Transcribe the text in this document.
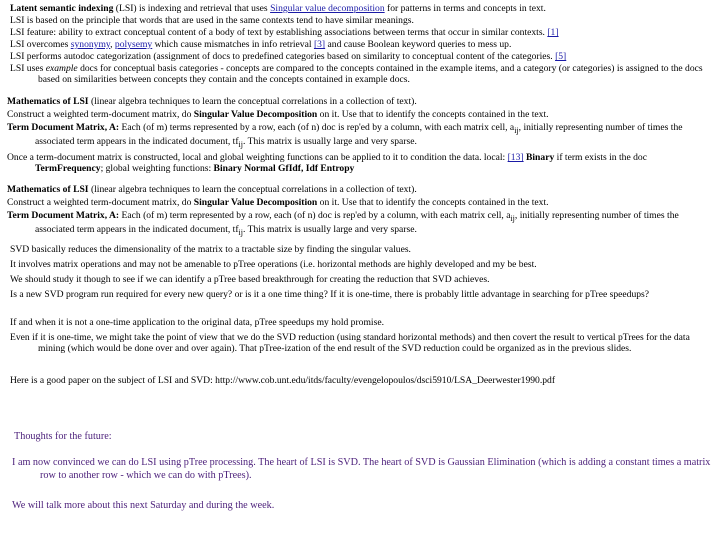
Latent semantic indexing (LSI) is indexing and retrieval that uses Singular value decomposition for patterns in terms and concepts in text.
LSI is based on the principle that words that are used in the same contexts tend to have similar meanings.
LSI feature: ability to extract conceptual content of a body of text by establishing associations between terms that occur in similar contexts. [1]
LSI overcomes synonymy, polysemy which cause mismatches in info retrieval [3] and cause Boolean keyword queries to mess up.
LSI performs autodoc categorization (assignment of docs to predefined categories based on similarity to conceptual content of the categories. [5]
LSI uses example docs for conceptual basis categories - concepts are compared to the concepts contained in the example items, and a category (or categories) is assigned to the docs based on similarities between concepts they contain and the concepts contained in example docs.
Mathematics of LSI (linear algebra techniques to learn the conceptual correlations in a collection of text).
Construct a weighted term-document matrix, do Singular Value Decomposition on it. Use that to identify the concepts contained in the text.
Term Document Matrix, A: Each (of m) terms represented by a row, each (of n) doc is rep'ed by a column, with each matrix cell, $a_{ij}$, initially representing number of times the associated term appears in the indicated document, $tf_{ij}$. This matrix is usually large and very sparse.
Once a term-document matrix is constructed, local and global weighting functions can be applied to it to condition the data. local: [13] Binary if term exists in the doc TermFrequency; global weighting functions: Binary Normal GfIdf, Idf Entropy
Mathematics of LSI (linear algebra techniques to learn the conceptual correlations in a collection of text).
Construct a weighted term-document matrix, do Singular Value Decomposition on it. Use that to identify the concepts contained in the text.
Term Document Matrix, A: Each (of m) term represented by a row, each (of n) doc is rep'ed by a column, with each matrix cell, $a_{ij}$, initially representing number of times the associated term appears in the indicated document, $tf_{ij}$. This matrix is usually large and very sparse.
SVD basically reduces the dimensionality of the matrix to a tractable size by finding the singular values.
It involves matrix operations and may not be amenable to pTree operations (i.e. horizontal methods are highly developed and my be best.
We should study it though to see if we can identify a pTree based breakthrough for creating the reduction that SVD achieves.
Is a new SVD program run required for every new query? or is it a one time thing? If it is one-time, there is probably little advantage in searching for pTree speedups?
If and when it is not a one-time application to the original data, pTree speedups my hold promise.
Even if it is one-time, we might take the point of view that we do the SVD reduction (using standard horizontal methods) and then covert the result to vertical pTrees for the data mining (which would be done over and over again). That pTree-ization of the end result of the SVD reduction could be organized as in the previous slides.
Here is a good paper on the subject of LSI and SVD: http://www.cob.unt.edu/itds/faculty/evengelopoulos/dsci5910/LSA_Deerwester1990.pdf
Thoughts for the future:
I am now convinced we can do LSI using pTree processing. The heart of LSI is SVD. The heart of SVD is Gaussian Elimination (which is adding a constant times a matrix row to another row - which we can do with pTrees).
We will talk more about this next Saturday and during the week.
